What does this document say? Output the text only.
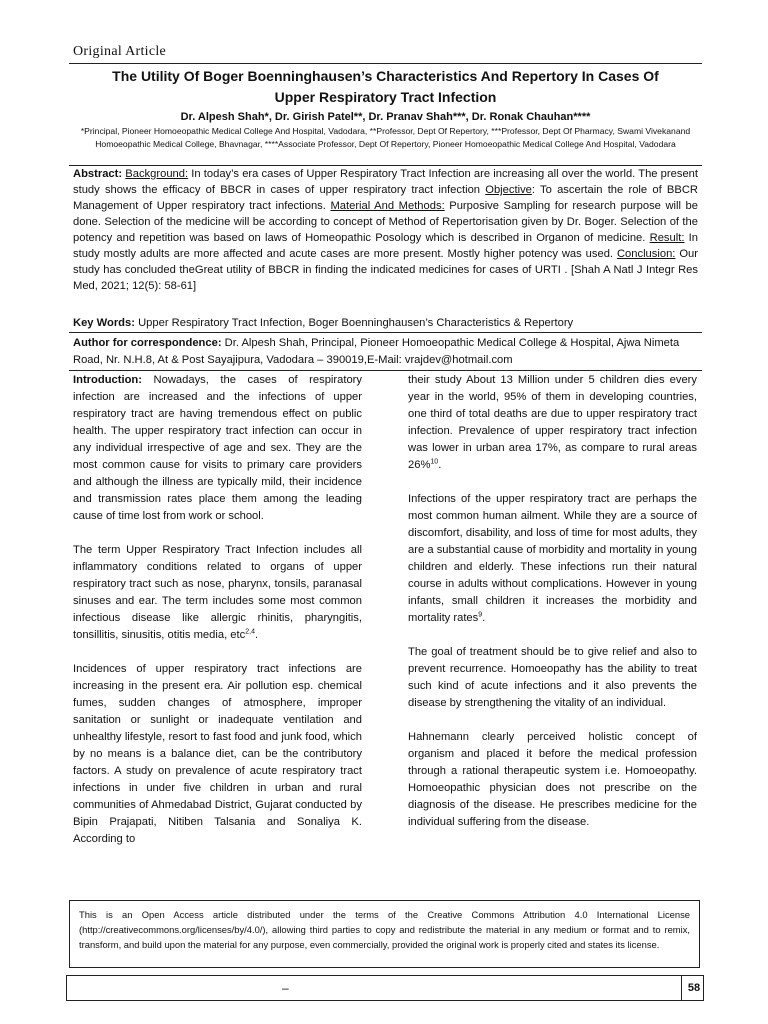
Original Article
The Utility Of Boger Boenninghausen’s Characteristics And Repertory In Cases Of
Upper Respiratory Tract Infection
Dr. Alpesh Shah*, Dr. Girish Patel**, Dr. Pranav Shah***, Dr. Ronak Chauhan****
*Principal, Pioneer Homoeopathic Medical College And Hospital, Vadodara, **Professor, Dept Of Repertory, ***Professor, Dept Of Pharmacy, Swami Vivekanand Homoeopathic Medical College, Bhavnagar, ****Associate Professor, Dept Of Repertory, Pioneer Homoeopathic Medical College And Hospital, Vadodara
Abstract: Background: In today’s era cases of Upper Respiratory Tract Infection are increasing all over the world. The present study shows the efficacy of BBCR in cases of upper respiratory tract infection Objective: To ascertain the role of BBCR Management of Upper respiratory tract infections. Material And Methods: Purposive Sampling for research purpose will be done. Selection of the medicine will be according to concept of Method of Repertorisation given by Dr. Boger. Selection of the potency and repetition was based on laws of Homeopathic Posology which is described in Organon of medicine. Result: In study mostly adults are more affected and acute cases are more present. Mostly higher potency was used. Conclusion: Our study has concluded theGreat utility of BBCR in finding the indicated medicines for cases of URTI . [Shah A Natl J Integr Res Med, 2021; 12(5): 58-61]
Key Words: Upper Respiratory Tract Infection, Boger Boenninghausen’s Characteristics & Repertory
Author for correspondence: Dr. Alpesh Shah, Principal, Pioneer Homoeopathic Medical College & Hospital, Ajwa Nimeta Road, Nr. N.H.8, At & Post Sayajipura, Vadodara – 390019,E-Mail: vrajdev@hotmail.com

Introduction: Nowadays, the cases of respiratory infection are increased and the infections of upper respiratory tract are having tremendous effect on public health. The upper respiratory tract infection can occur in any individual irrespective of age and sex. They are the most common cause for visits to primary care providers and although the illness are typically mild, their incidence and transmission rates place them among the leading cause of time lost from work or school.

The term Upper Respiratory Tract Infection includes all inflammatory conditions related to organs of upper respiratory tract such as nose, pharynx, tonsils, paranasal sinuses and ear. The term includes some most common infectious disease like allergic rhinitis, pharyngitis, tonsillitis, sinusitis, otitis media, etc$^{2,4}$.

Incidences of upper respiratory tract infections are increasing in the present era. Air pollution esp. chemical fumes, sudden changes of atmosphere, improper sanitation or sunlight or inadequate ventilation and unhealthy lifestyle, resort to fast food and junk food, which by no means is a balance diet, can be the contributory factors. A study on prevalence of acute respiratory tract infections in under five children in urban and rural communities of Ahmedabad District, Gujarat conducted by Bipin Prajapati, Nitiben Talsania and Sonaliya K. According to

their study About 13 Million under 5 children dies every year in the world, 95% of them in developing countries, one third of total deaths are due to upper respiratory tract infection. Prevalence of upper respiratory tract infection was lower in urban area 17%, as compare to rural areas 26%$^{10}$.

Infections of the upper respiratory tract are perhaps the most common human ailment. While they are a source of discomfort, disability, and loss of time for most adults, they are a substantial cause of morbidity and mortality in young children and elderly. These infections run their natural course in adults without complications. However in young infants, small children it increases the morbidity and mortality rates$^9$.

The goal of treatment should be to give relief and also to prevent recurrence. Homoeopathy has the ability to treat such kind of acute infections and it also prevents the disease by strengthening the vitality of an individual.

Hahnemann clearly perceived holistic concept of organism and placed it before the medical profession through a rational therapeutic system i.e. Homoeopathy. Homoeopathic physician does not prescribe on the diagnosis of the disease. He prescribes medicine for the individual suffering from the disease.

This is an Open Access article distributed under the terms of the Creative Commons Attribution 4.0 International License (http://creativecommons.org/licenses/by/4.0/), allowing third parties to copy and redistribute the material in any medium or format and to remix, transform, and build upon the material for any purpose, even commercially, provided the original work is properly cited and states its license.
–	58
